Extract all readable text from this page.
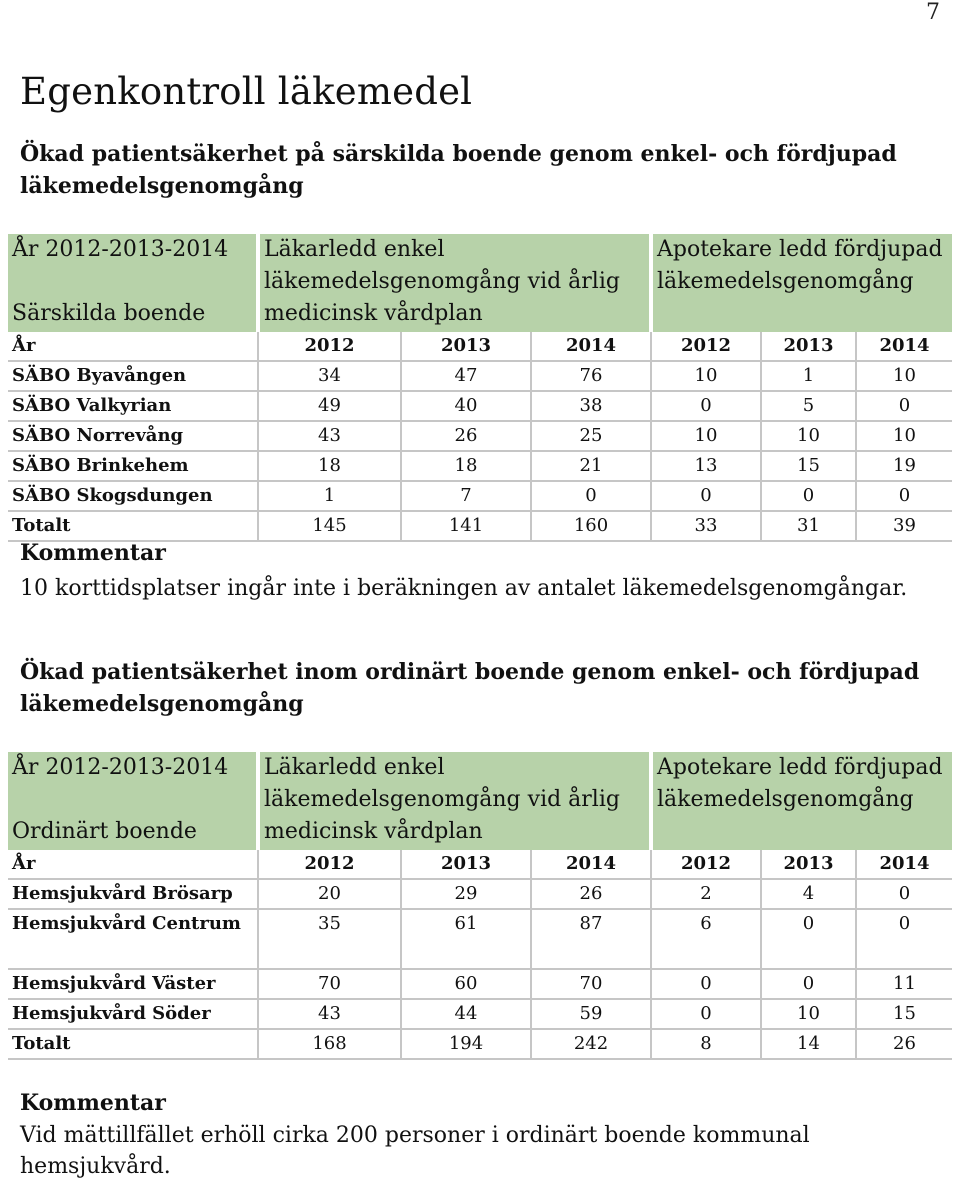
7
Egenkontroll läkemedel
Ökad patientsäkerhet på särskilda boende genom enkel- och fördjupad läkemedelsgenomgång
År 2012-2013-2014
Särskilda boende	Läkarledd enkel läkemedelsgenomgång vid årlig medicinsk vårdplan			Apotekare ledd fördjupad läkemedelsgenomgång		
År	2012	2013	2014	2012	2013	2014
SÄBO Byavången	34	47	76	10	1	10
SÄBO Valkyrian	49	40	38	0	5	0
SÄBO Norrevång	43	26	25	10	10	10
SÄBO Brinkehem	18	18	21	13	15	19
SÄBO Skogsdungen	1	7	0	0	0	0
Totalt	145	141	160	33	31	39
Kommentar
10 korttidsplatser ingår inte i beräkningen av antalet läkemedelsgenomgångar.
Ökad patientsäkerhet inom ordinärt boende genom enkel- och fördjupad läkemedelsgenomgång
År 2012-2013-2014
Ordinärt boende	Läkarledd enkel läkemedelsgenomgång vid årlig medicinsk vårdplan			Apotekare ledd fördjupad läkemedelsgenomgång		
År	2012	2013	2014	2012	2013	2014
Hemsjukvård Brösarp	20	29	26	2	4	0
Hemsjukvård Centrum	35	61	87	6	0	0
Hemsjukvård Väster	70	60	70	0	0	11
Hemsjukvård Söder	43	44	59	0	10	15
Totalt	168	194	242	8	14	26
Kommentar
Vid mättillfället erhöll cirka 200 personer i ordinärt boende kommunal hemsjukvård.
